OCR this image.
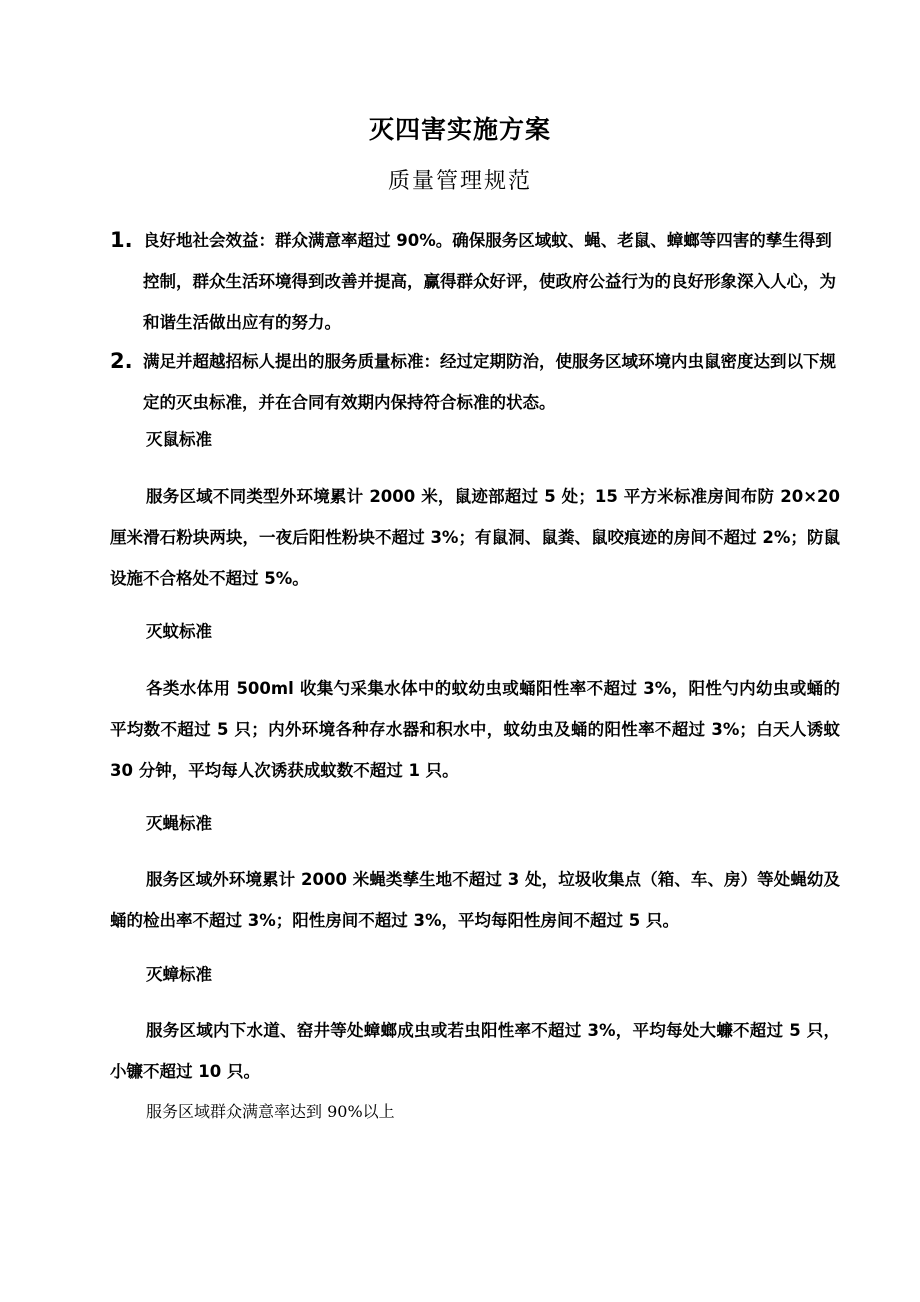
灭四害实施方案
质量管理规范
1. 良好地社会效益：群众满意率超过 90%。确保服务区域蚊、蝇、老鼠、蟑螂等四害的孳生得到控制，群众生活环境得到改善并提高，赢得群众好评，使政府公益行为的良好形象深入人心，为和谐生活做出应有的努力。
2. 满足并超越招标人提出的服务质量标准：经过定期防治，使服务区域环境内虫鼠密度达到以下规定的灭虫标准，并在合同有效期内保持符合标准的状态。
灭鼠标准
服务区域不同类型外环境累计 2000 米，鼠迹部超过 5 处；15 平方米标准房间布防 20×20 厘米滑石粉块两块，一夜后阳性粉块不超过 3%；有鼠洞、鼠粪、鼠咬痕迹的房间不超过 2%；防鼠设施不合格处不超过 5%。
灭蚊标准
各类水体用 500ml 收集勺采集水体中的蚊幼虫或蛹阳性率不超过 3%，阳性勺内幼虫或蛹的平均数不超过 5 只；内外环境各种存水器和积水中，蚊幼虫及蛹的阳性率不超过 3%；白天人诱蚊 30 分钟，平均每人次诱获成蚊数不超过 1 只。
灭蝇标准
服务区域外环境累计 2000 米蝇类孳生地不超过 3 处，垃圾收集点（箱、车、房）等处蝇幼及蛹的检出率不超过 3%；阳性房间不超过 3%，平均每阳性房间不超过 5 只。
灭蟑标准
服务区域内下水道、窑井等处蟑螂成虫或若虫阳性率不超过 3%，平均每处大蠊不超过 5 只，小镰不超过 10 只。
服务区域群众满意率达到 90%以上
